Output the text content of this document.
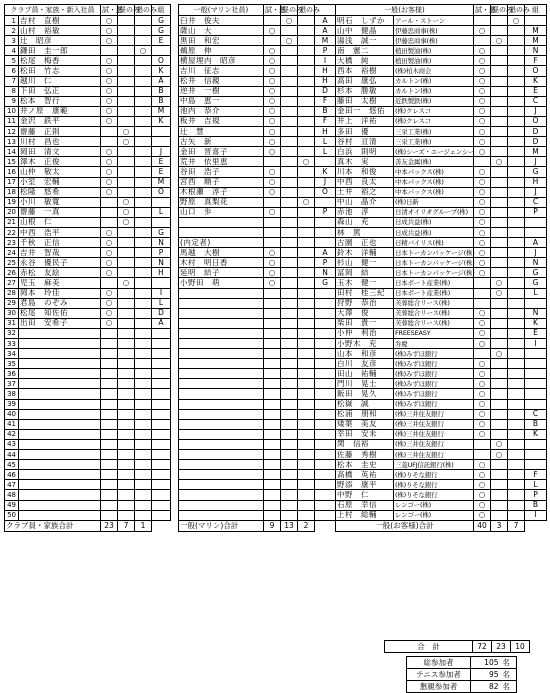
クラブ員・家族・新入社員		試・懇	昼のみ	懇のみ	組
1	吉村　直樹	○			G
2	山村　裕敏	○			G
3	辻　昭彦	○			E
4	鎌田　圭一郎			○	
5	松尾　梅香	○			O
6	松田　竹志	○			K
7	越川　仁	○			A
8	下田　弘正	○			B
9	松本　智行	○			B
10	井ノ原　康範	○			M
11	金沢　鉄平	○			K
12	齋藤　正則		○		
13	川村　昌也		○		
14	岡田　清文	○			J
15	澤木　正俊	○			E
16	山仲　敬太	○			E
17	小室　宏輔	○			M
18	松隆　悠希	○			O
19	小川　敏寛		○		
20	齋藤　一真		○		L
21	山根　仁		○		
22	中西　浩平	○			G
23	千秋　正信	○			N
24	吉井　智哉	○			P
25	永谷　優民子	○			N
26	赤松　友絵	○			H
27	児玉　麻美		○		
28	岡本　玲佳	○			I
29	君島　のぞみ	○			L
30	松尾　知佐佑	○			D
31	出田　安希子	○			A
32					
33					
34					
35					
36					
37					
38					
39					
40					
41					
42					
43					
44					
45					
46					
47					
48					
49					
50					
クラブ員・家族合計		23	7	1	
一般(マリン社員)	試・懇	昼のみ	懇のみ	
臼井　俊夫		○		A
薩山　大	○			A
黒田　和宏		○		M
鵜原　伸	○			P
横屋埋内　昭彦	○			I
吉川　征志	○			H
松井　信親	○			H
逆井　一樹	○			D
中島　恵一	○			F
池内　恭介	○			B
板井　吉規	○			F
辻　慧	○			H
古矢　新	○			L
金田　晋喜子	○			L
荒井　依里恵			○	
谷田　浩子	○			K
宮西　順子	○			J
木根瀬　淳子	○			O
野原　真梨花			○	
山口　歩	○			P

(内定者)				
馬越　大樹	○			A
木村　明日香	○			P
延明　結子	○			N
小野田　萌	○			G

一般(マリン)合計	9	13	2	
一般(お客様)		試・懇	昼のみ	懇のみ	組
明石　しずか	アール・ストーン			○	
山中　健晶	伊藤忠商事(株)	○			M
湯浅　誠一	伊藤忠商事(株)		○		M
南　憲二	植田製油(株)	○			N
大橋　純	植田製油(株)	○			F
西本　裕樹	(株)柏木商会	○			O
高田　康弘	カルトン(株)	○			K
杉本　勝敏	カルトン(株)	○			E
藤田　太樹	近鉄製鉄(株)	○			C
金田一　悠佑	(株)クレスコ	○			J
井上　洋祐	(株)クレスコ	○			O
多田　優	三栄工業(株)	○			D
谷村　亘清	三栄工業(株)	○			D
白浜　則明	(株)シーズ・エージェンシー	○			M
真木　実	善友金属(株)		○		J
川本　和俊	中本パックス(株)	○			G
中西　良太	中本パックス(株)	○			H
土井　裕之	中本パックス(株)	○			J
中山　晶介	(株)日新	○			C
赤池　淳	日清オイリオグループ(株)	○			P
森山　充	日成共益(株)	○			
林　篤	日成共益(株)	○			
古園　正也	日精バイリス(株)	○			A
鈴木　洋輔	日本トーカンパッケージ(株)	○			J
杉山　健一	日本トーカンパッケージ(株)	○			N
冨岡　結	日本トーカンパッケージ(株)	○			G
玉木　健一	日本ポート産業(株)		○		G
田村　桂三紀	日本ポート産業(株)		○		L
狩野　恭治	芙蓉総合リース(株)				
大澤　俊	芙蓉総合リース(株)	○			N
柴田　貴一	芙蓉総合リース(株)	○			K
小仲　利治	FREESEASY	○			E
小野木　充	弁慶	○			I
山本　和彦	(株)みずほ銀行		○		
白川　友彦	(株)みずほ銀行	○			
田山　祐輔	(株)みずほ銀行	○			
門川　晃士	(株)みずほ銀行	○			
飯田　晃久	(株)みずほ銀行	○			
松嶽　誠	(株)みずほ銀行	○			
松浦　朋和	(株)三井住友銀行	○			C
矮葉　美友	(株)三井住友銀行	○			B
幸田　安未	(株)三井住友銀行	○			K
関　信裕	(株)三井住友銀行		○		
佐藤　秀樹	(株)三井住友銀行		○		
松本　圭史	三菱UFJ信託銀行(株)	○			
高橋　英祐	(株)りそな銀行	○			F
野添　康平	(株)りそな銀行	○			L
中野　仁	(株)りそな銀行	○			P
石原　幸信	レンゴー(株)	○			B
上村　総輔	レンゴー(株)	○			I
一般(お客様)合計		40	3	7	
合　計	72	23	10
総参加者	105	名
テニス参加者	95	名
懇親参加者	82	名
